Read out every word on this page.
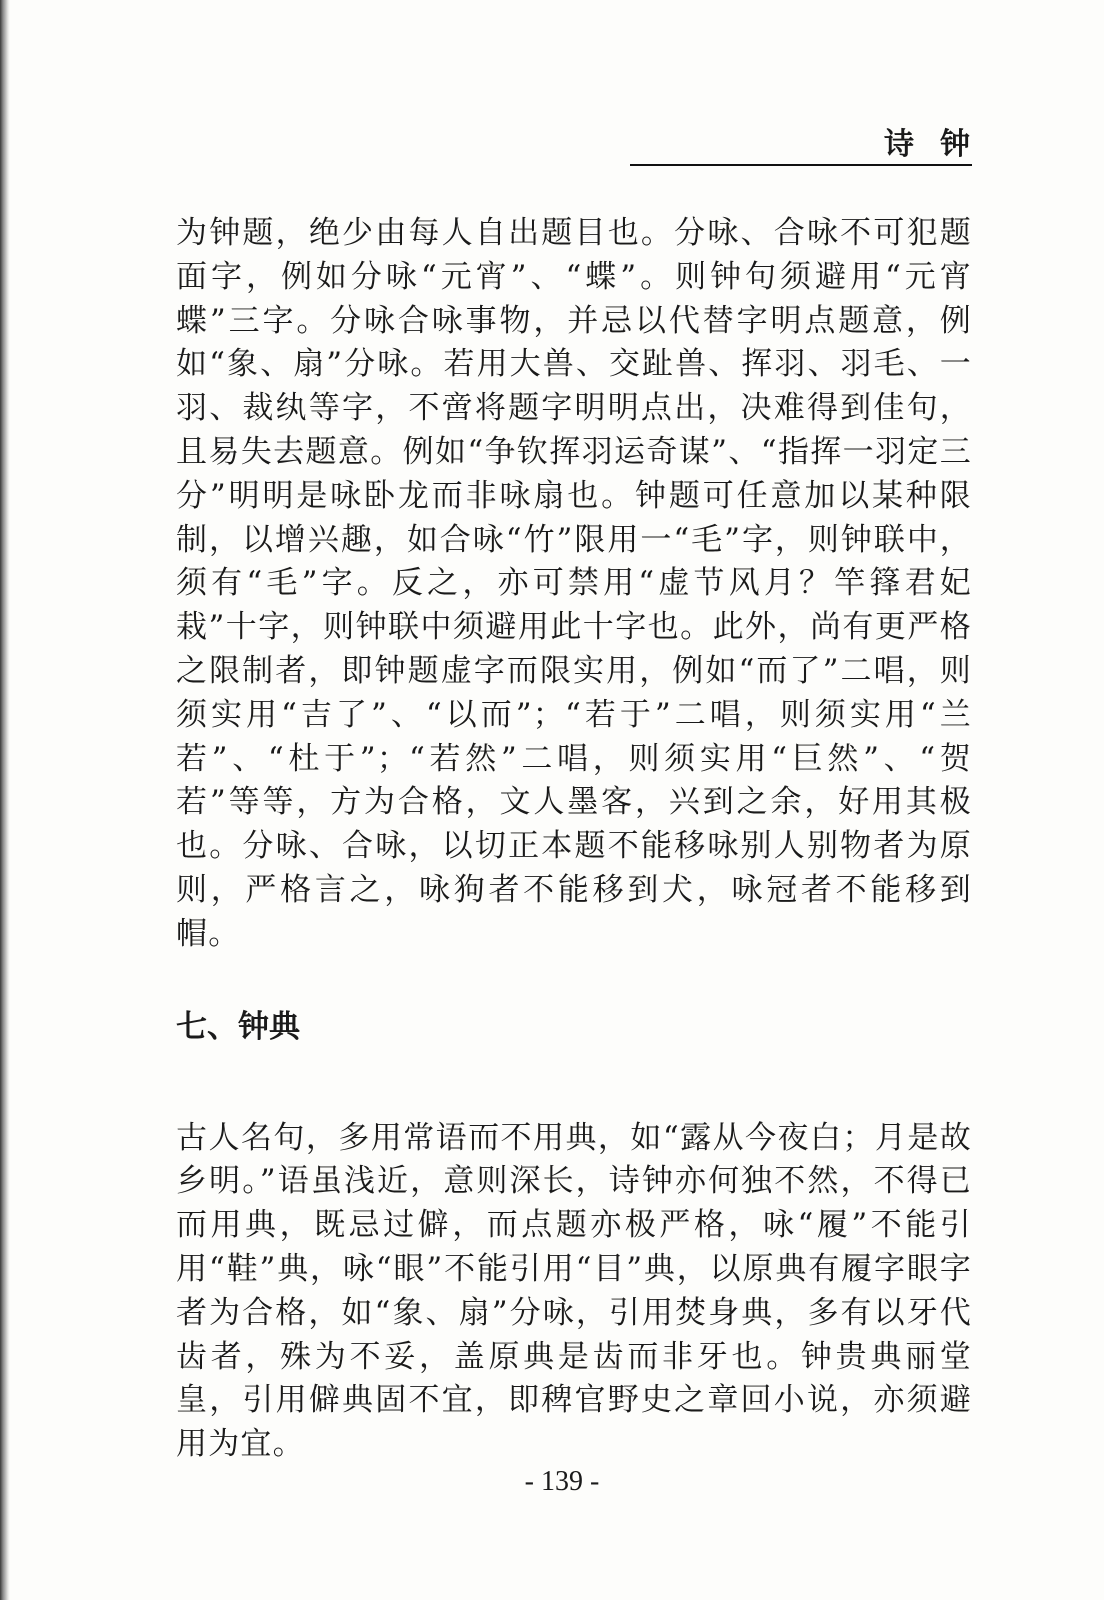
诗钟

为钟题，绝少由每人自出题目也。分咏、合咏不可犯题面字，例如分咏“元宵”、“蝶”。则钟句须避用“元宵蝶”三字。分咏合咏事物，并忌以代替字明点题意，例如“象、扇”分咏。若用大兽、交趾兽、挥羽、羽毛、一羽、裁纨等字，不啻将题字明明点出，决难得到佳句，且易失去题意。例如“争钦挥羽运奇谋”、“指挥一羽定三分”明明是咏卧龙而非咏扇也。钟题可任意加以某种限制，以增兴趣，如合咏“竹”限用一“毛”字，则钟联中，须有“毛”字。反之，亦可禁用“虚节风月？竿箨君妃栽”十字，则钟联中须避用此十字也。此外，尚有更严格之限制者，即钟题虚字而限实用，例如“而了”二唱，则须实用“吉了”、“以而”；“若于”二唱，则须实用“兰若”、“杜于”；“若然”二唱，则须实用“巨然”、“贺若”等等，方为合格，文人墨客，兴到之余，好用其极也。分咏、合咏，以切正本题不能移咏别人别物者为原则，严格言之，咏狗者不能移到犬，咏冠者不能移到帽。

七、钟典

古人名句，多用常语而不用典，如“露从今夜白；月是故乡明。”语虽浅近，意则深长，诗钟亦何独不然，不得已而用典，既忌过僻，而点题亦极严格，咏“履”不能引用“鞋”典，咏“眼”不能引用“目”典，以原典有履字眼字者为合格，如“象、扇”分咏，引用焚身典，多有以牙代齿者，殊为不妥，盖原典是齿而非牙也。钟贵典丽堂皇，引用僻典固不宜，即稗官野史之章回小说，亦须避用为宜。

- 139 -
